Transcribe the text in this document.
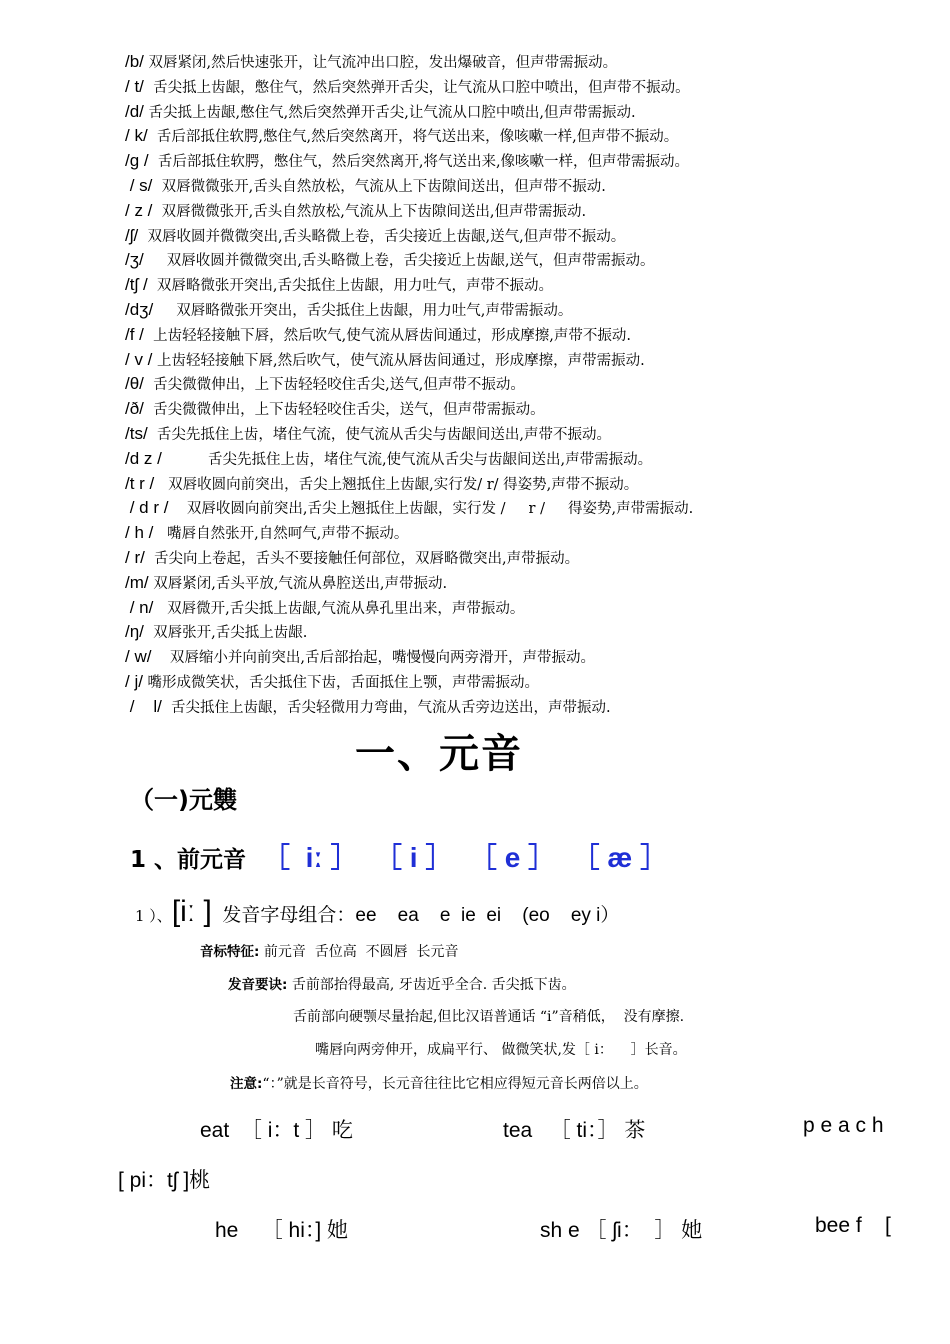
/b/ 双唇紧闭,然后快速张开，让气流冲出口腔，发出爆破音，但声带需振动。
/ t/  舌尖抵上齿龈，憋住气，然后突然弹开舌尖，让气流从口腔中喷出，但声带不振动。
/d/ 舌尖抵上齿龈,憋住气,然后突然弹开舌尖,让气流从口腔中喷出,但声带需振动.
/ k/  舌后部抵住软腭,憋住气,然后突然离开，将气送出来，像咳嗽一样,但声带不振动。
/g /  舌后部抵住软腭，憋住气，然后突然离开,将气送出来,像咳嗽一样，但声带需振动。
/ s/  双唇微微张开,舌头自然放松，气流从上下齿隙间送出，但声带不振动.
/ z /  双唇微微张开,舌头自然放松,气流从上下齿隙间送出,但声带需振动.
/ʃ/  双唇收圆并微微突出,舌头略微上卷，舌尖接近上齿龈,送气,但声带不振动。
/ʒ/     双唇收圆并微微突出,舌头略微上卷，舌尖接近上齿龈,送气，但声带需振动。
/tʃ /  双唇略微张开突出,舌尖抵住上齿龈，用力吐气，声带不振动。
/dʒ/     双唇略微张开突出，舌尖抵住上齿龈，用力吐气,声带需振动。
/f /  上齿轻轻接触下唇，然后吹气,使气流从唇齿间通过，形成摩擦,声带不振动.
/ v / 上齿轻轻接触下唇,然后吹气，使气流从唇齿间通过，形成摩擦，声带需振动.
/θ/  舌尖微微伸出，上下齿轻轻咬住舌尖,送气,但声带不振动。
/ð/  舌尖微微伸出，上下齿轻轻咬住舌尖，送气，但声带需振动。
/ts/  舌尖先抵住上齿，堵住气流，使气流从舌尖与齿龈间送出,声带不振动。
/d z /          舌尖先抵住上齿，堵住气流,使气流从舌尖与齿龈间送出,声带需振动。
/t r /   双唇收圆向前突出，舌尖上翘抵住上齿龈,实行发/ r/ 得姿势,声带不振动。
/ d r /    双唇收圆向前突出,舌尖上翘抵住上齿龈，实行发 /     r /     得姿势,声带需振动.
/ h /   嘴唇自然张开,自然呵气,声带不振动。
/ r/  舌尖向上卷起，舌头不要接触任何部位，双唇略微突出,声带振动。
/m/ 双唇紧闭,舌头平放,气流从鼻腔送出,声带振动.
/ n/   双唇微开,舌尖抵上齿龈,气流从鼻孔里出来，声带振动。
/ŋ/  双唇张开,舌尖抵上齿龈.
/ w/    双唇缩小并向前突出,舌后部抬起，嘴慢慢向两旁滑开，声带振动。
/ j/ 嘴形成微笑状，舌尖抵住下齿，舌面抵住上颚，声带需振动。
/    l/  舌尖抵住上齿龈，舌尖轻微用力弯曲，气流从舌旁边送出，声带振动.
一、元音
（一)元䨇
1 、前元音 ［  iː ］  ［ i ］  ［ e ］  ［ æ ］
1 ）、[iː ]  发音字母组合：ee    ea    e  ie  ei    (eo    ey i）
音标特征: 前元音  舌位高  不圆唇  长元音
发音要诀: 舌前部抬得最高, 牙齿近乎全合. 舌尖抵下齿。
舌前部向硬颚尽量抬起,但比汉语普通话 “i”音稍低，  没有摩擦.
嘴唇向两旁伸开，成扁平行、 做微笑状,发［ i：    ］长音。
注意:“：”就是长音符号，长元音往往比它相应得短元音长两倍以上。
eat  ［ i：t ］ 吃	tea   ［ ti：］ 茶	p e a c h
[ pi：tʃ ]桃
he    ［ hi：] 她	sh e ［ ʃi：  ］ 她	bee f    [
